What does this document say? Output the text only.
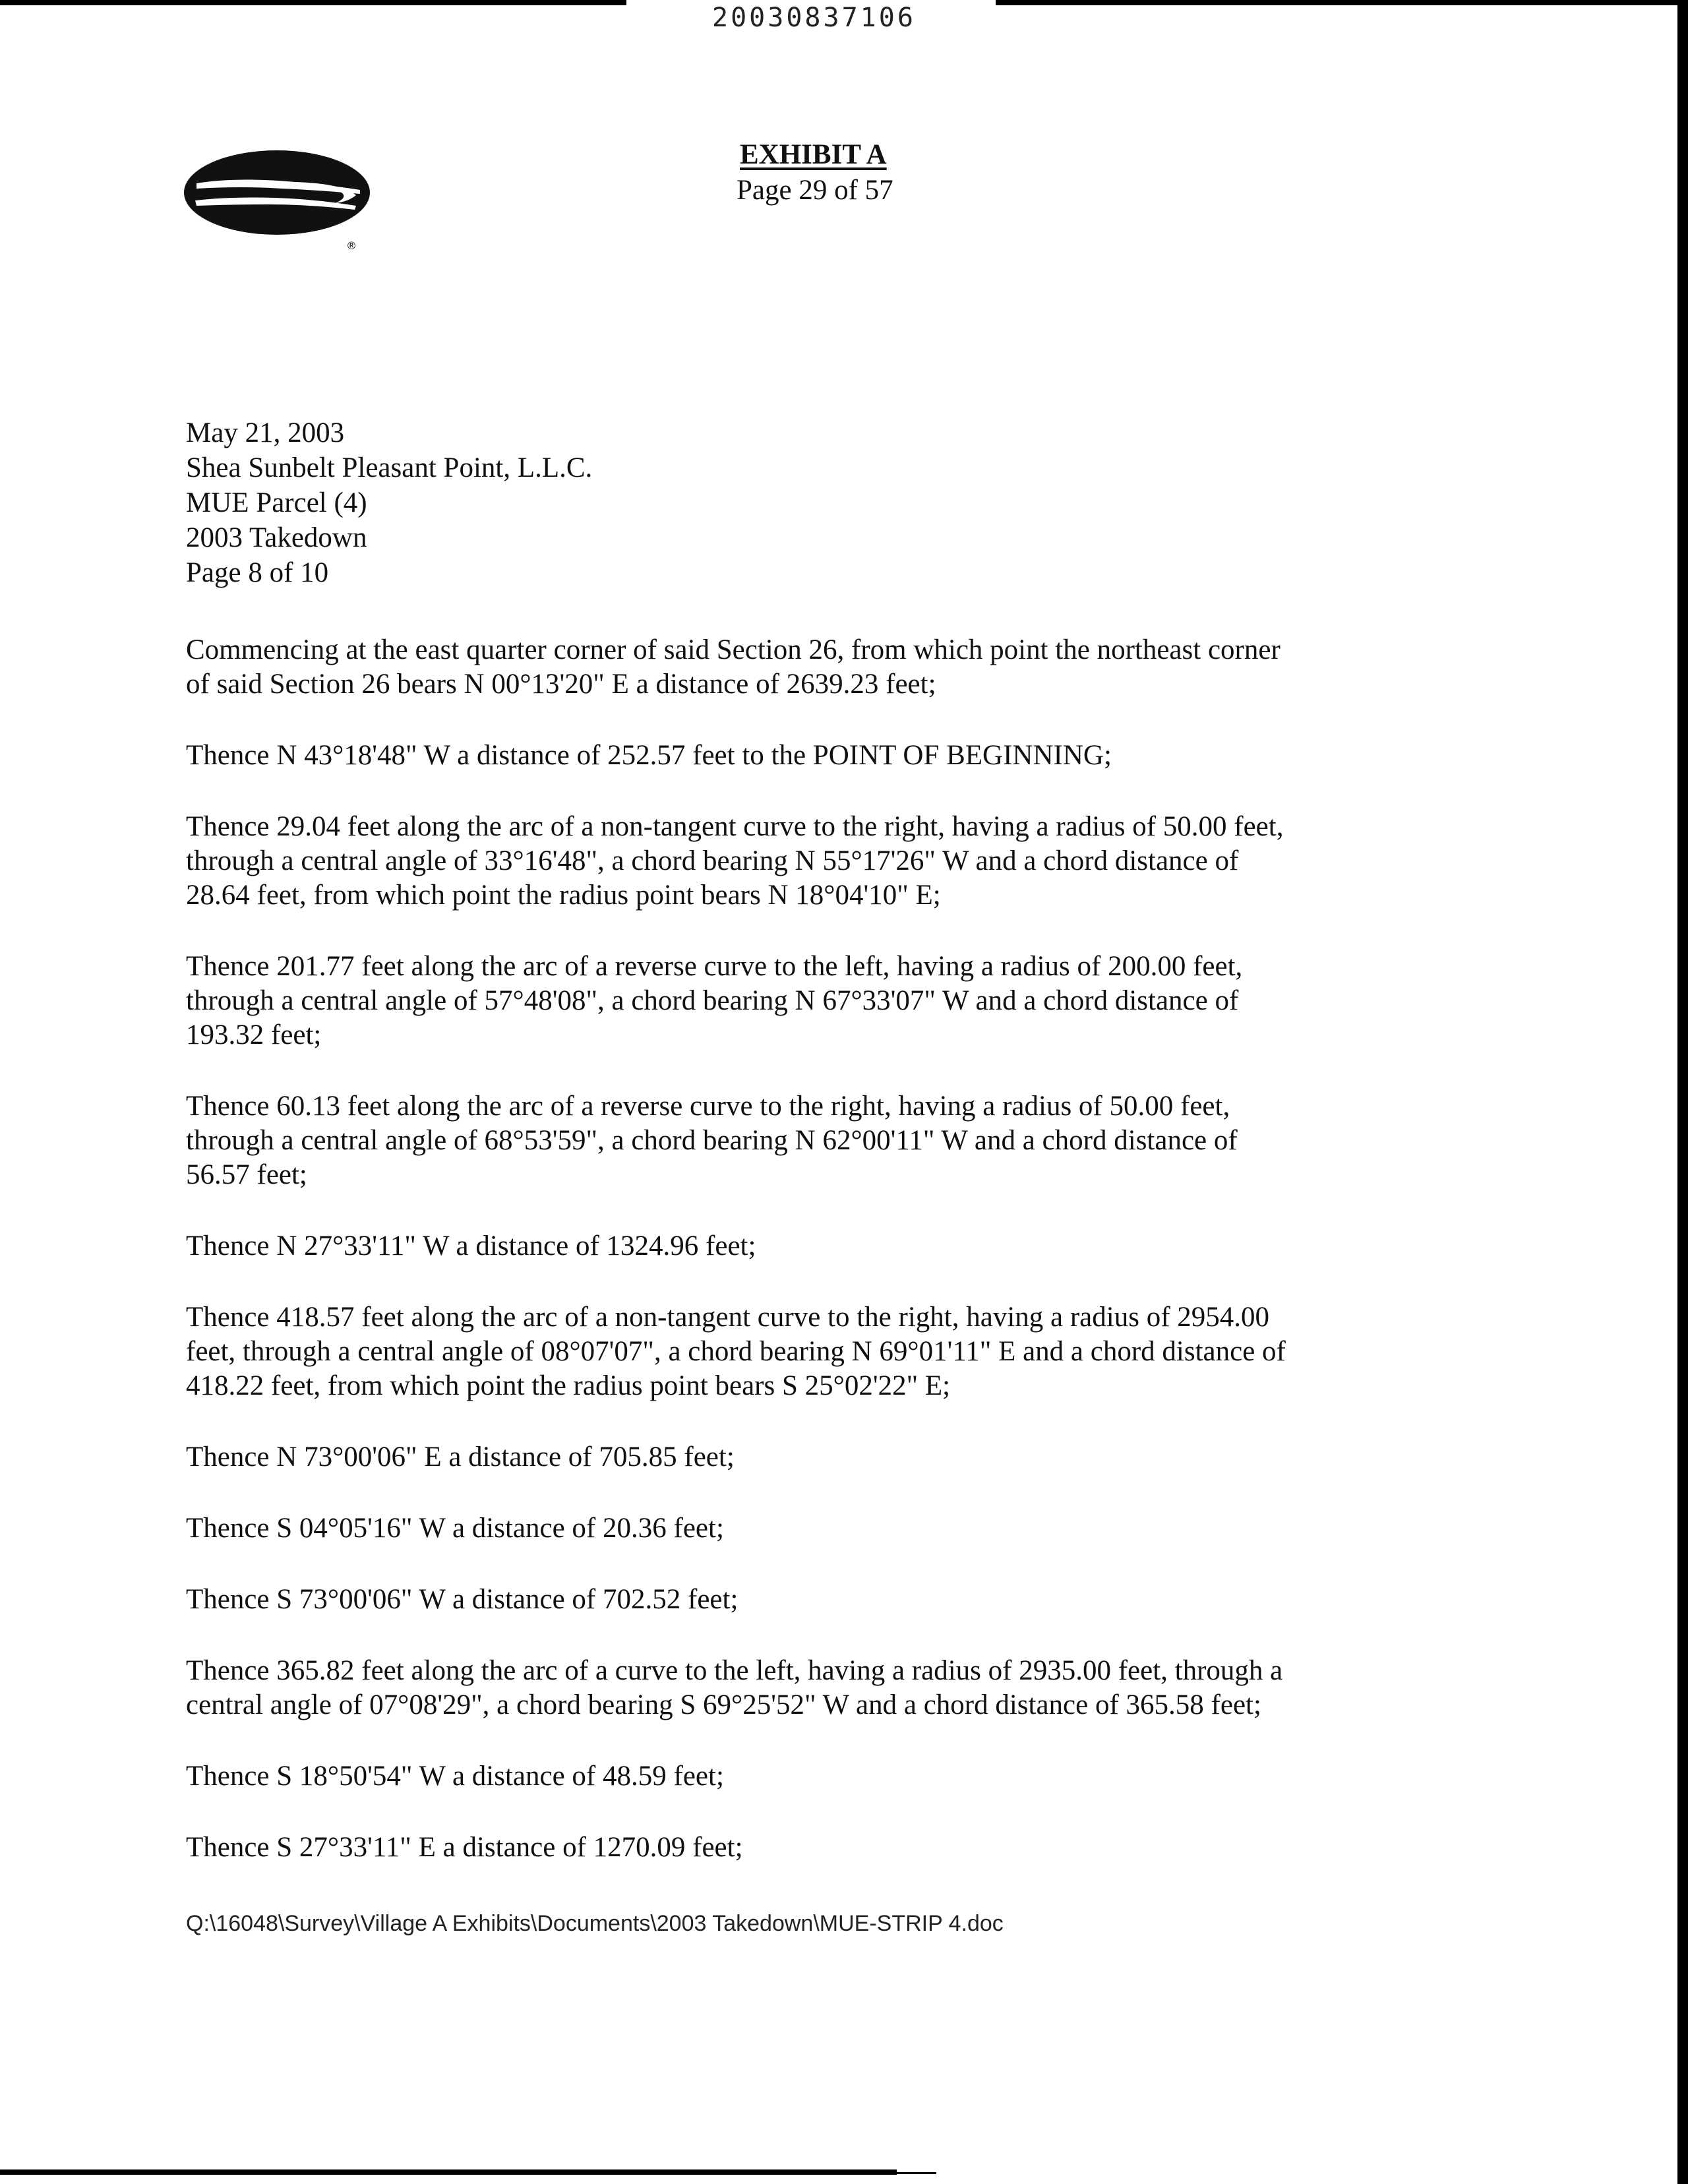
20030837106
®
EXHIBIT A
Page 29 of 57
May 21, 2003
Shea Sunbelt Pleasant Point, L.L.C.
MUE Parcel (4)
2003 Takedown
Page 8 of 10

Commencing at the east quarter corner of said Section 26, from which point the northeast corner
of said Section 26 bears N 00°13'20" E a distance of 2639.23 feet;

Thence N 43°18'48" W a distance of 252.57 feet to the POINT OF BEGINNING;

Thence 29.04 feet along the arc of a non-tangent curve to the right, having a radius of 50.00 feet,
through a central angle of 33°16'48", a chord bearing N 55°17'26" W and a chord distance of
28.64 feet, from which point the radius point bears N 18°04'10" E;

Thence 201.77 feet along the arc of a reverse curve to the left, having a radius of 200.00 feet,
through a central angle of 57°48'08", a chord bearing N 67°33'07" W and a chord distance of
193.32 feet;

Thence 60.13 feet along the arc of a reverse curve to the right, having a radius of 50.00 feet,
through a central angle of 68°53'59", a chord bearing N 62°00'11" W and a chord distance of
56.57 feet;

Thence N 27°33'11" W a distance of 1324.96 feet;

Thence 418.57 feet along the arc of a non-tangent curve to the right, having a radius of 2954.00
feet, through a central angle of 08°07'07", a chord bearing N 69°01'11" E and a chord distance of
418.22 feet, from which point the radius point bears S 25°02'22" E;

Thence N 73°00'06" E a distance of 705.85 feet;

Thence S 04°05'16" W a distance of 20.36 feet;

Thence S 73°00'06" W a distance of 702.52 feet;

Thence 365.82 feet along the arc of a curve to the left, having a radius of 2935.00 feet, through a
central angle of 07°08'29", a chord bearing S 69°25'52" W and a chord distance of 365.58 feet;

Thence S 18°50'54" W a distance of 48.59 feet;

Thence S 27°33'11" E a distance of 1270.09 feet;

Q:\16048\Survey\Village A Exhibits\Documents\2003 Takedown\MUE-STRIP 4.doc
